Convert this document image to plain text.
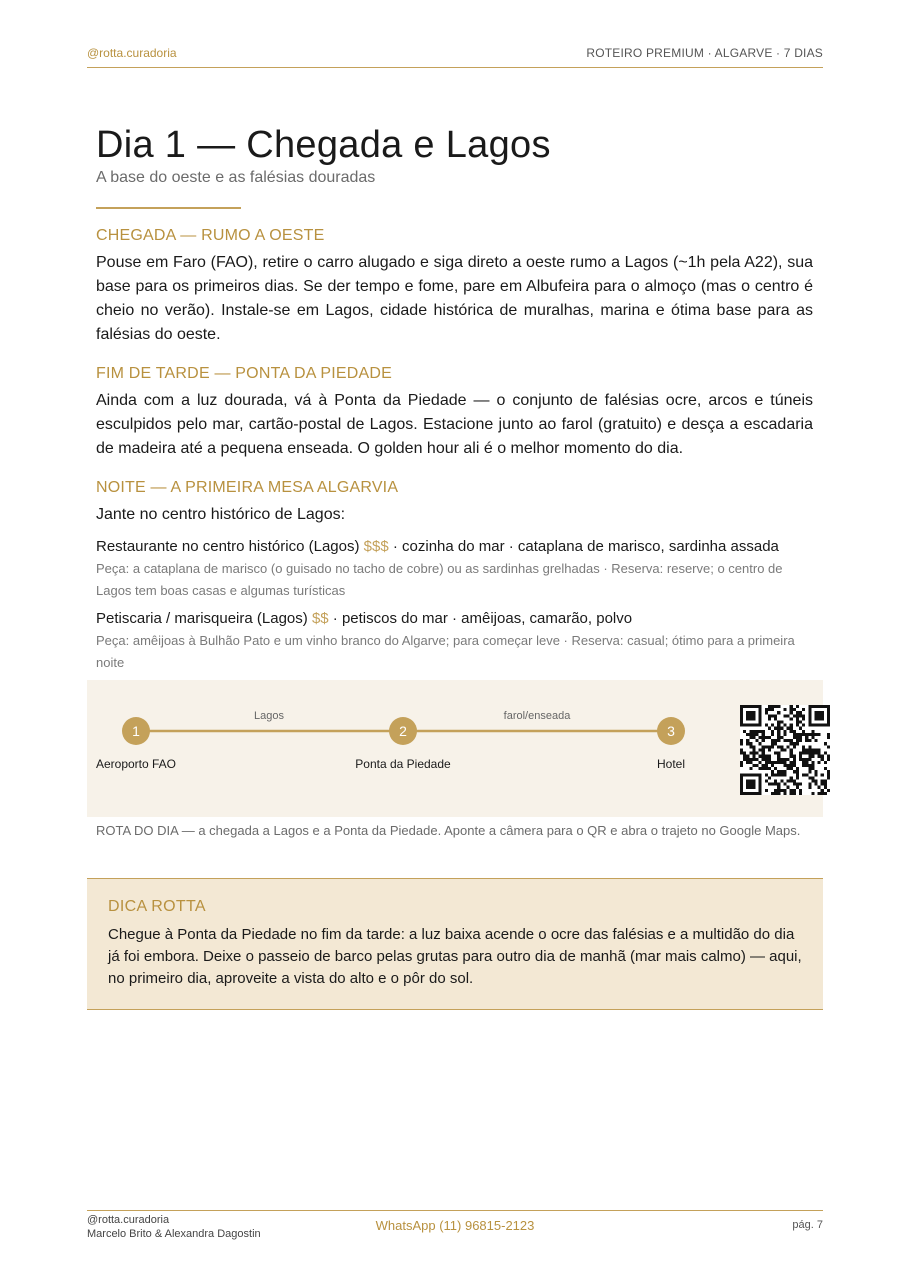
@rotta.curadoria	ROTEIRO PREMIUM · ALGARVE · 7 DIAS
Dia 1 — Chegada e Lagos
A base do oeste e as falésias douradas
CHEGADA — RUMO A OESTE

Pouse em Faro (FAO), retire o carro alugado e siga direto a oeste rumo a Lagos (~1h pela A22), sua base para os primeiros dias. Se der tempo e fome, pare em Albufeira para o almoço (mas o centro é cheio no verão). Instale-se em Lagos, cidade histórica de muralhas, marina e ótima base para as falésias do oeste.

FIM DE TARDE — PONTA DA PIEDADE

Ainda com a luz dourada, vá à Ponta da Piedade — o conjunto de falésias ocre, arcos e túneis esculpidos pelo mar, cartão-postal de Lagos. Estacione junto ao farol (gratuito) e desça a escadaria de madeira até a pequena enseada. O golden hour ali é o melhor momento do dia.

NOITE — A PRIMEIRA MESA ALGARVIA

Jante no centro histórico de Lagos:

Restaurante no centro histórico (Lagos) $$$ · cozinha do mar · cataplana de marisco, sardinha assada
Peça: a cataplana de marisco (o guisado no tacho de cobre) ou as sardinhas grelhadas · Reserva: reserve; o centro de Lagos tem boas casas e algumas turísticas
Petiscaria / marisqueira (Lagos) $$ · petiscos do mar · amêijoas, camarão, polvo
Peça: amêijoas à Bulhão Pato e um vinho branco do Algarve; para começar leve · Reserva: casual; ótimo para a primeira noite
Lagos	farol/enseada
1
Aeroporto FAO
2
Ponta da Piedade
3
Hotel
ROTA DO DIA — a chegada a Lagos e a Ponta da Piedade. Aponte a câmera para o QR e abra o trajeto no Google Maps.
DICA ROTTA

Chegue à Ponta da Piedade no fim da tarde: a luz baixa acende o ocre das falésias e a multidão do dia já foi embora. Deixe o passeio de barco pelas grutas para outro dia de manhã (mar mais calmo) — aqui, no primeiro dia, aproveite a vista do alto e o pôr do sol.

@rotta.curadoria
Marcelo Brito & Alexandra Dagostin
WhatsApp (11) 96815-2123	pág. 7
